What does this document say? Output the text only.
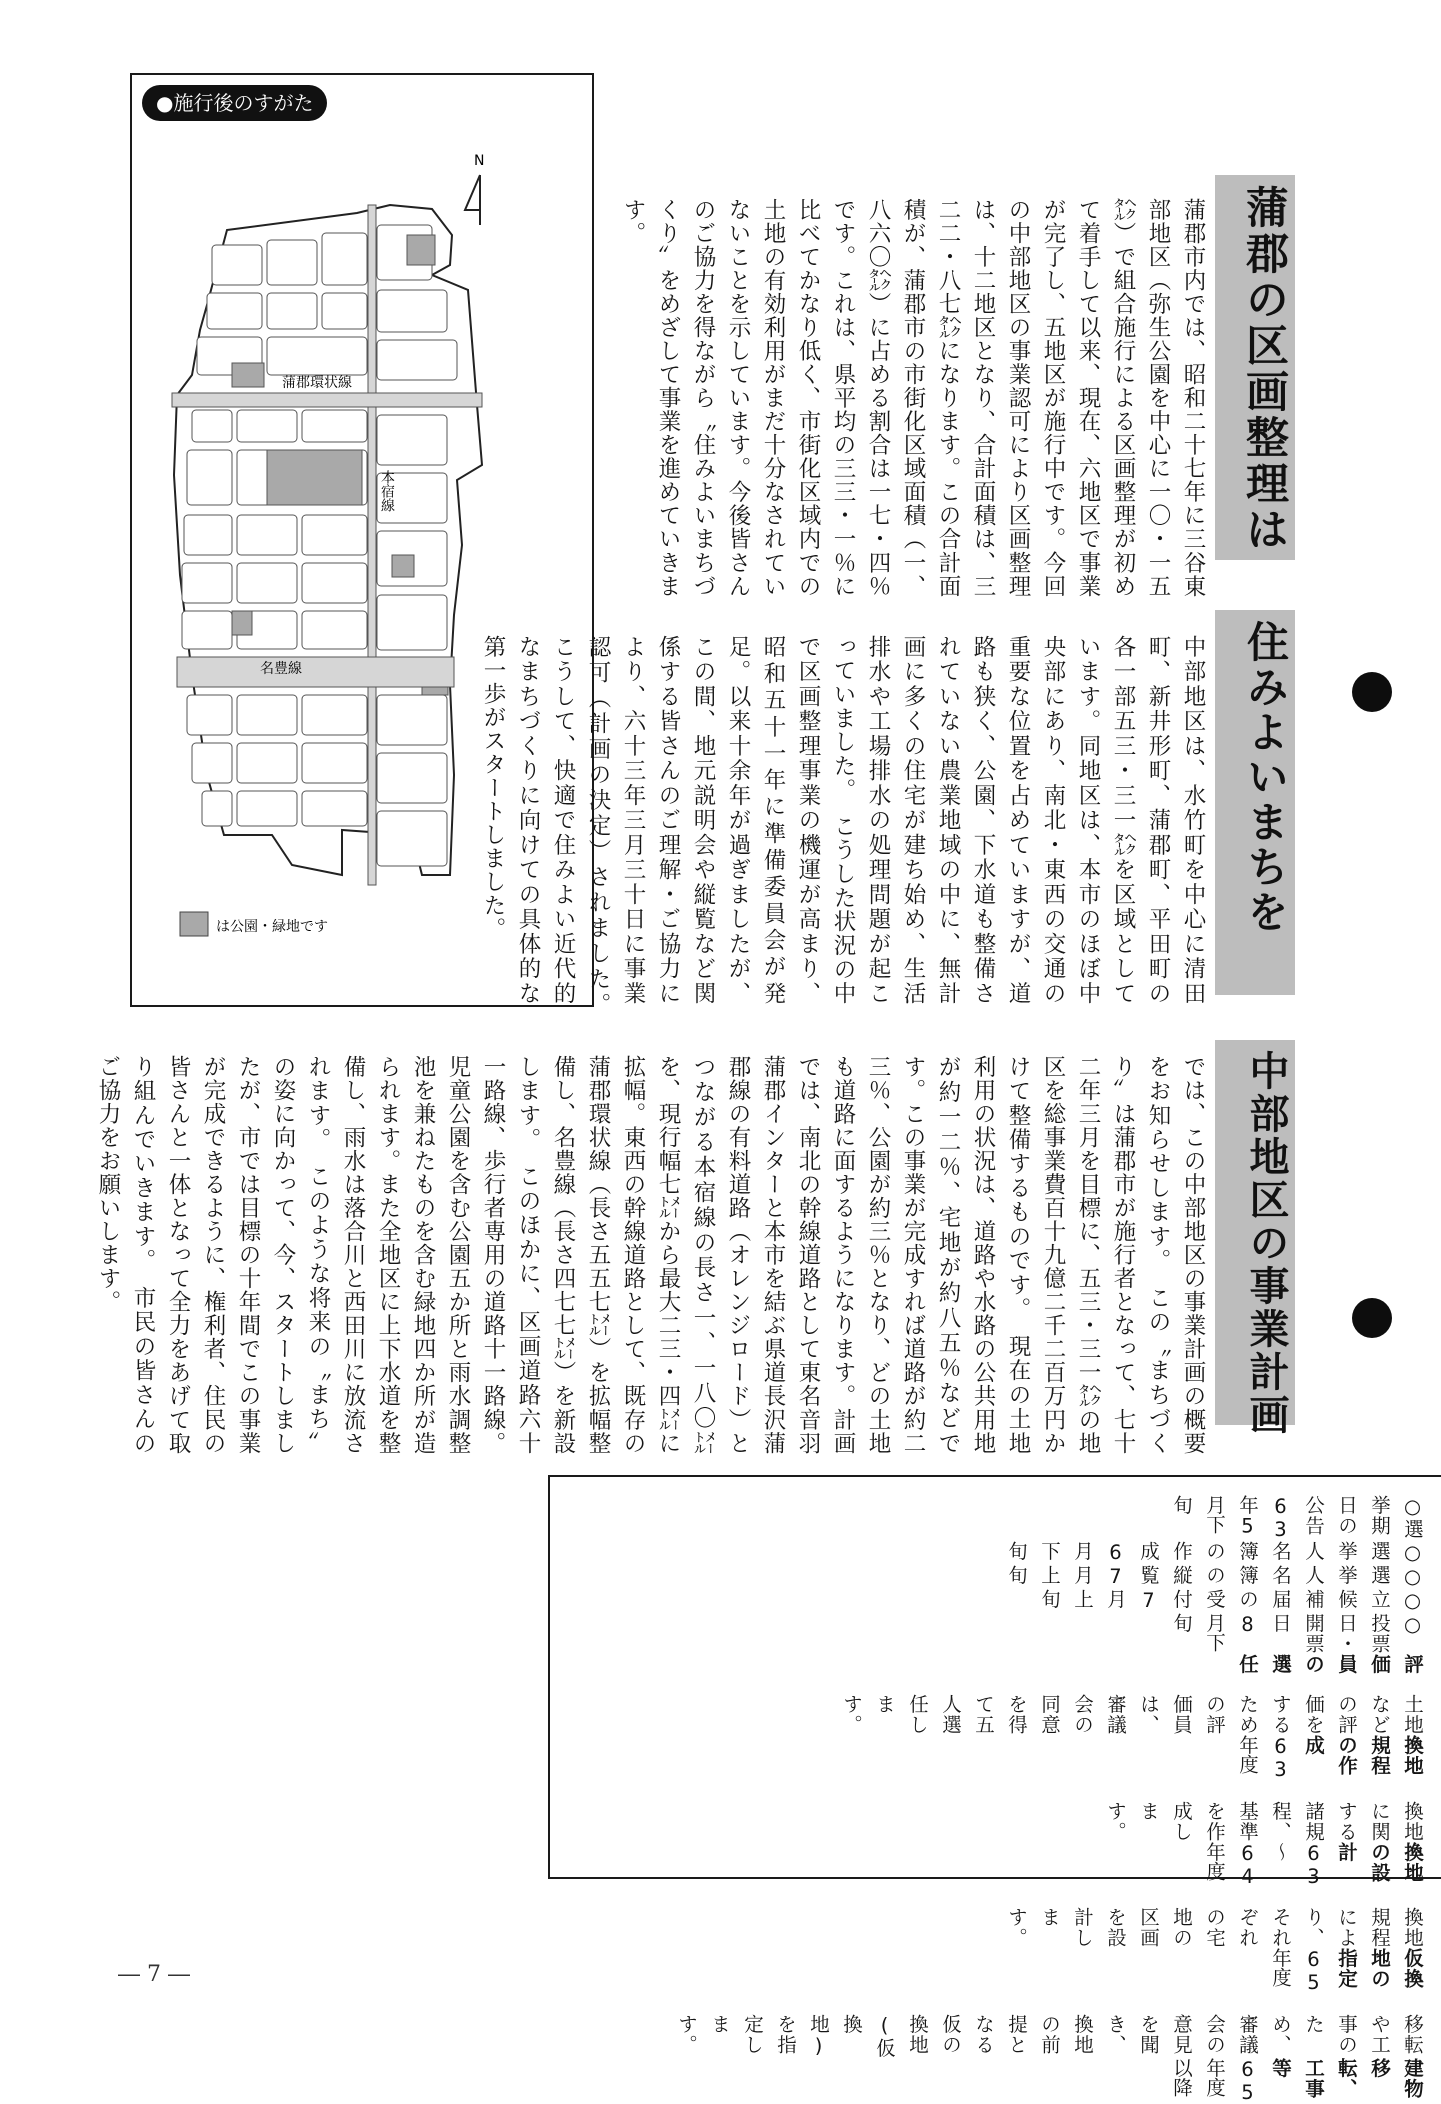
●施行後のすがた
N
蒲郡環状線
名豊線
本宿線
は公園・緑地です
蒲郡の区画整理は
蒲郡市内では、昭和二十七年に三谷東部地区（弥生公園を中心に一〇・一五㌶）で組合施行による区画整理が初めて着手して以来、現在、六地区で事業が完了し、五地区が施行中です。今回の中部地区の事業認可により区画整理は、十二地区となり、合計面積は、三二二・八七㌶になります。この合計面積が、蒲郡市の市街化区域面積（一、八六〇㌶）に占める割合は一七・四％です。これは、県平均の三三・一％に比べてかなり低く、市街化区域内での土地の有効利用がまだ十分なされていないことを示しています。今後皆さんのご協力を得ながら〝住みよいまちづくり〟をめざして事業を進めていきます。
住みよいまちを
中部地区は、水竹町を中心に清田町、新井形町、蒲郡町、平田町の各一部五三・三一㌶を区域としています。同地区は、本市のほぼ中央部にあり、南北・東西の交通の重要な位置を占めていますが、道路も狭く、公園、下水道も整備されていない農業地域の中に、無計画に多くの住宅が建ち始め、生活排水や工場排水の処理問題が起こっていました。　こうした状況の中で区画整理事業の機運が高まり、昭和五十一年に準備委員会が発足。以来十余年が過ぎましたが、この間、地元説明会や縦覧など関係する皆さんのご理解・ご協力により、六十三年三月三十日に事業認可（計画の決定）されました。　こうして、快適で住みよい近代的なまちづくりに向けての具体的な第一歩がスタートしました。
中部地区の事業計画
では、この中部地区の事業計画の概要をお知らせします。　この〝まちづくり〟は蒲郡市が施行者となって、七十二年三月を目標に、五三・三一㌶の地区を総事業費百十九億二千二百万円かけて整備するものです。　現在の土地利用の状況は、道路や水路の公共用地が約一二％、宅地が約八五％などです。この事業が完成すれば道路が約二三％、公園が約三％となり、どの土地も道路に面するようになります。計画では、南北の幹線道路として東名音羽蒲郡インターと本市を結ぶ県道長沢蒲郡線の有料道路（オレンジロード）とつながる本宿線の長さ一、一八〇㍍を、現行幅七㍍から最大二三・四㍍に拡幅。東西の幹線道路として、既存の蒲郡環状線（長さ五五七㍍）を拡幅整備し、名豊線（長さ四七七㍍）を新設します。　このほかに、区画道路六十一路線、歩行者専用の道路十一路線。児童公園を含む公園五か所と雨水調整池を兼ねたものを含む緑地四か所が造られます。また全地区に上下水道を整備し、雨水は落合川と西田川に放流されます。　このような将来の〝まち〟の姿に向かって、今、スタートしましたが、市では目標の十年間でこの事業が完成できるように、権利者、住民の皆さんと一体となって全力をあげて取り組んでいきます。　市民の皆さんのご協力をお願いします。
○選挙期日の公告63年5月下旬
○選挙人名簿の作成6月下旬
○選挙人名簿の縦覧7月上旬
○立候補届の受付7月上旬
○投票日・開票日8月下旬
評価員の選任
土地などの評価をするための評価員は、審議会の同意を得て五人選任します。
換地規程の作成63年度
換地に関する諸規程、基準を作成します。
換地の設計63～64年度
換地規程により、それぞれの宅地の区画を設計します。
仮換地の指定65年度
移転や工事のため、審議会の意見を聞き、換地の前提となる仮の換地(仮換地)を指定します。
建物移転、工事等65年度以降
― 7 ―
